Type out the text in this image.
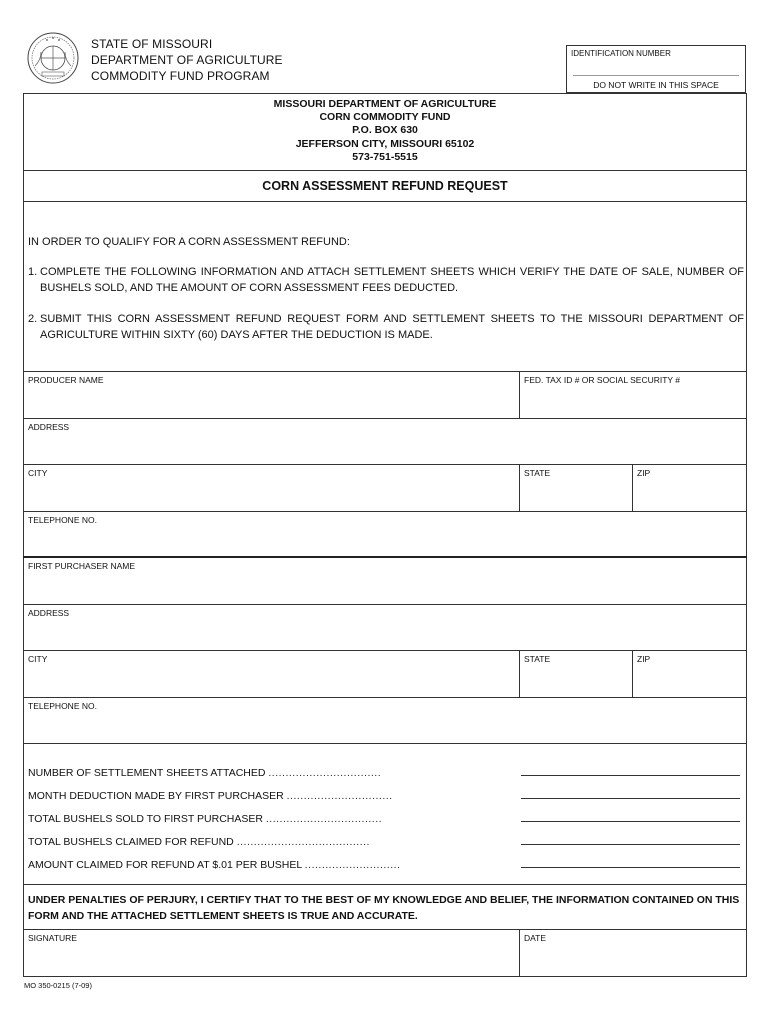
STATE OF MISSOURI
DEPARTMENT OF AGRICULTURE
COMMODITY FUND PROGRAM
IDENTIFICATION NUMBER
DO NOT WRITE IN THIS SPACE
MISSOURI DEPARTMENT OF AGRICULTURE
CORN COMMODITY FUND
P.O. BOX 630
JEFFERSON CITY, MISSOURI 65102
573-751-5515
CORN ASSESSMENT REFUND REQUEST
IN ORDER TO QUALIFY FOR A CORN ASSESSMENT REFUND:
1. COMPLETE THE FOLLOWING INFORMATION AND ATTACH SETTLEMENT SHEETS WHICH VERIFY THE DATE OF SALE, NUMBER OF BUSHELS SOLD, AND THE AMOUNT OF CORN ASSESSMENT FEES DEDUCTED.
2. SUBMIT THIS CORN ASSESSMENT REFUND REQUEST FORM AND SETTLEMENT SHEETS TO THE MISSOURI DEPARTMENT OF AGRICULTURE WITHIN SIXTY (60) DAYS AFTER THE DEDUCTION IS MADE.
PRODUCER NAME	FED. TAX ID # OR SOCIAL SECURITY #
ADDRESS
CITY	STATE	ZIP
TELEPHONE NO.
FIRST PURCHASER NAME
ADDRESS
CITY	STATE	ZIP
TELEPHONE NO.
NUMBER OF SETTLEMENT SHEETS ATTACHED .................................
MONTH DEDUCTION MADE BY FIRST PURCHASER ...............................
TOTAL BUSHELS SOLD TO FIRST PURCHASER ..................................
TOTAL BUSHELS CLAIMED FOR REFUND .......................................
AMOUNT CLAIMED FOR REFUND AT $.01 PER BUSHEL ............................
UNDER PENALTIES OF PERJURY, I CERTIFY THAT TO THE BEST OF MY KNOWLEDGE AND BELIEF, THE INFORMATION CONTAINED ON THIS FORM AND THE ATTACHED SETTLEMENT SHEETS IS TRUE AND ACCURATE.
SIGNATURE	DATE
MO 350-0215 (7-09)
